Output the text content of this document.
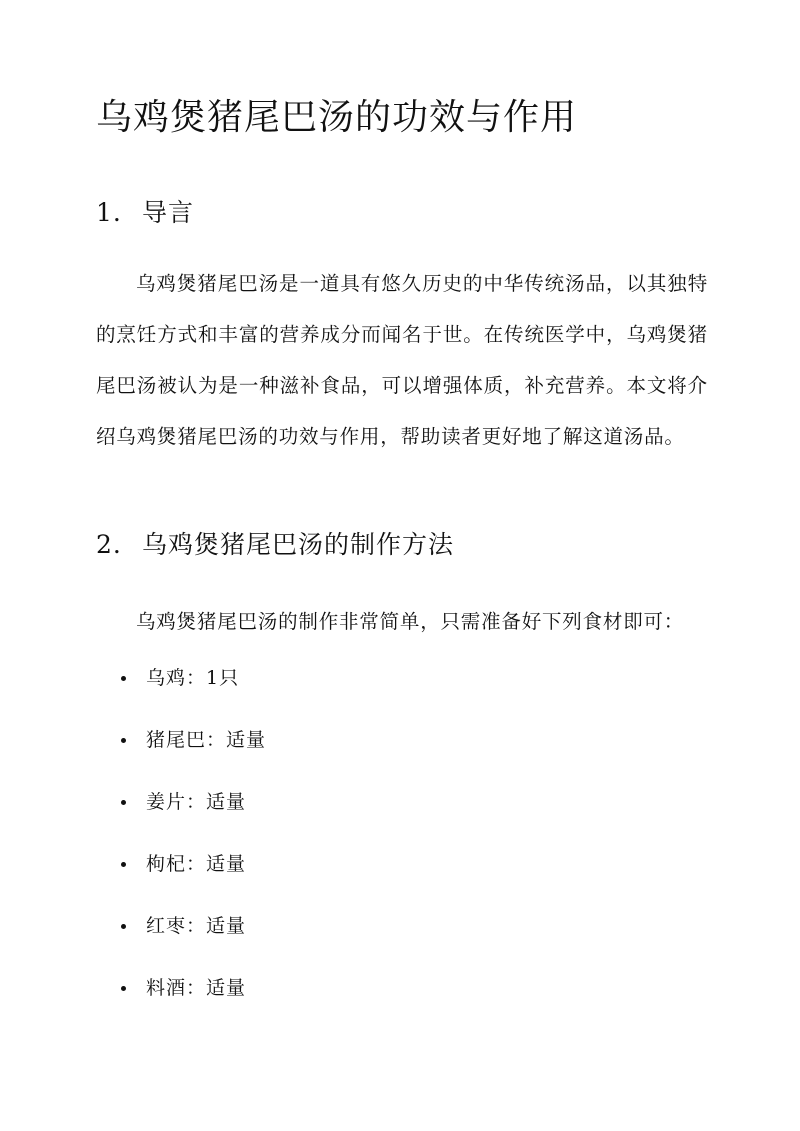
乌鸡煲猪尾巴汤的功效与作用
1. 导言

乌鸡煲猪尾巴汤是一道具有悠久历史的中华传统汤品，以其独特的烹饪方式和丰富的营养成分而闻名于世。在传统医学中，乌鸡煲猪尾巴汤被认为是一种滋补食品，可以增强体质，补充营养。本文将介绍乌鸡煲猪尾巴汤的功效与作用，帮助读者更好地了解这道汤品。

2. 乌鸡煲猪尾巴汤的制作方法

乌鸡煲猪尾巴汤的制作非常简单，只需准备好下列食材即可：

乌鸡：1只
猪尾巴：适量
姜片：适量
枸杞：适量
红枣：适量
料酒：适量
